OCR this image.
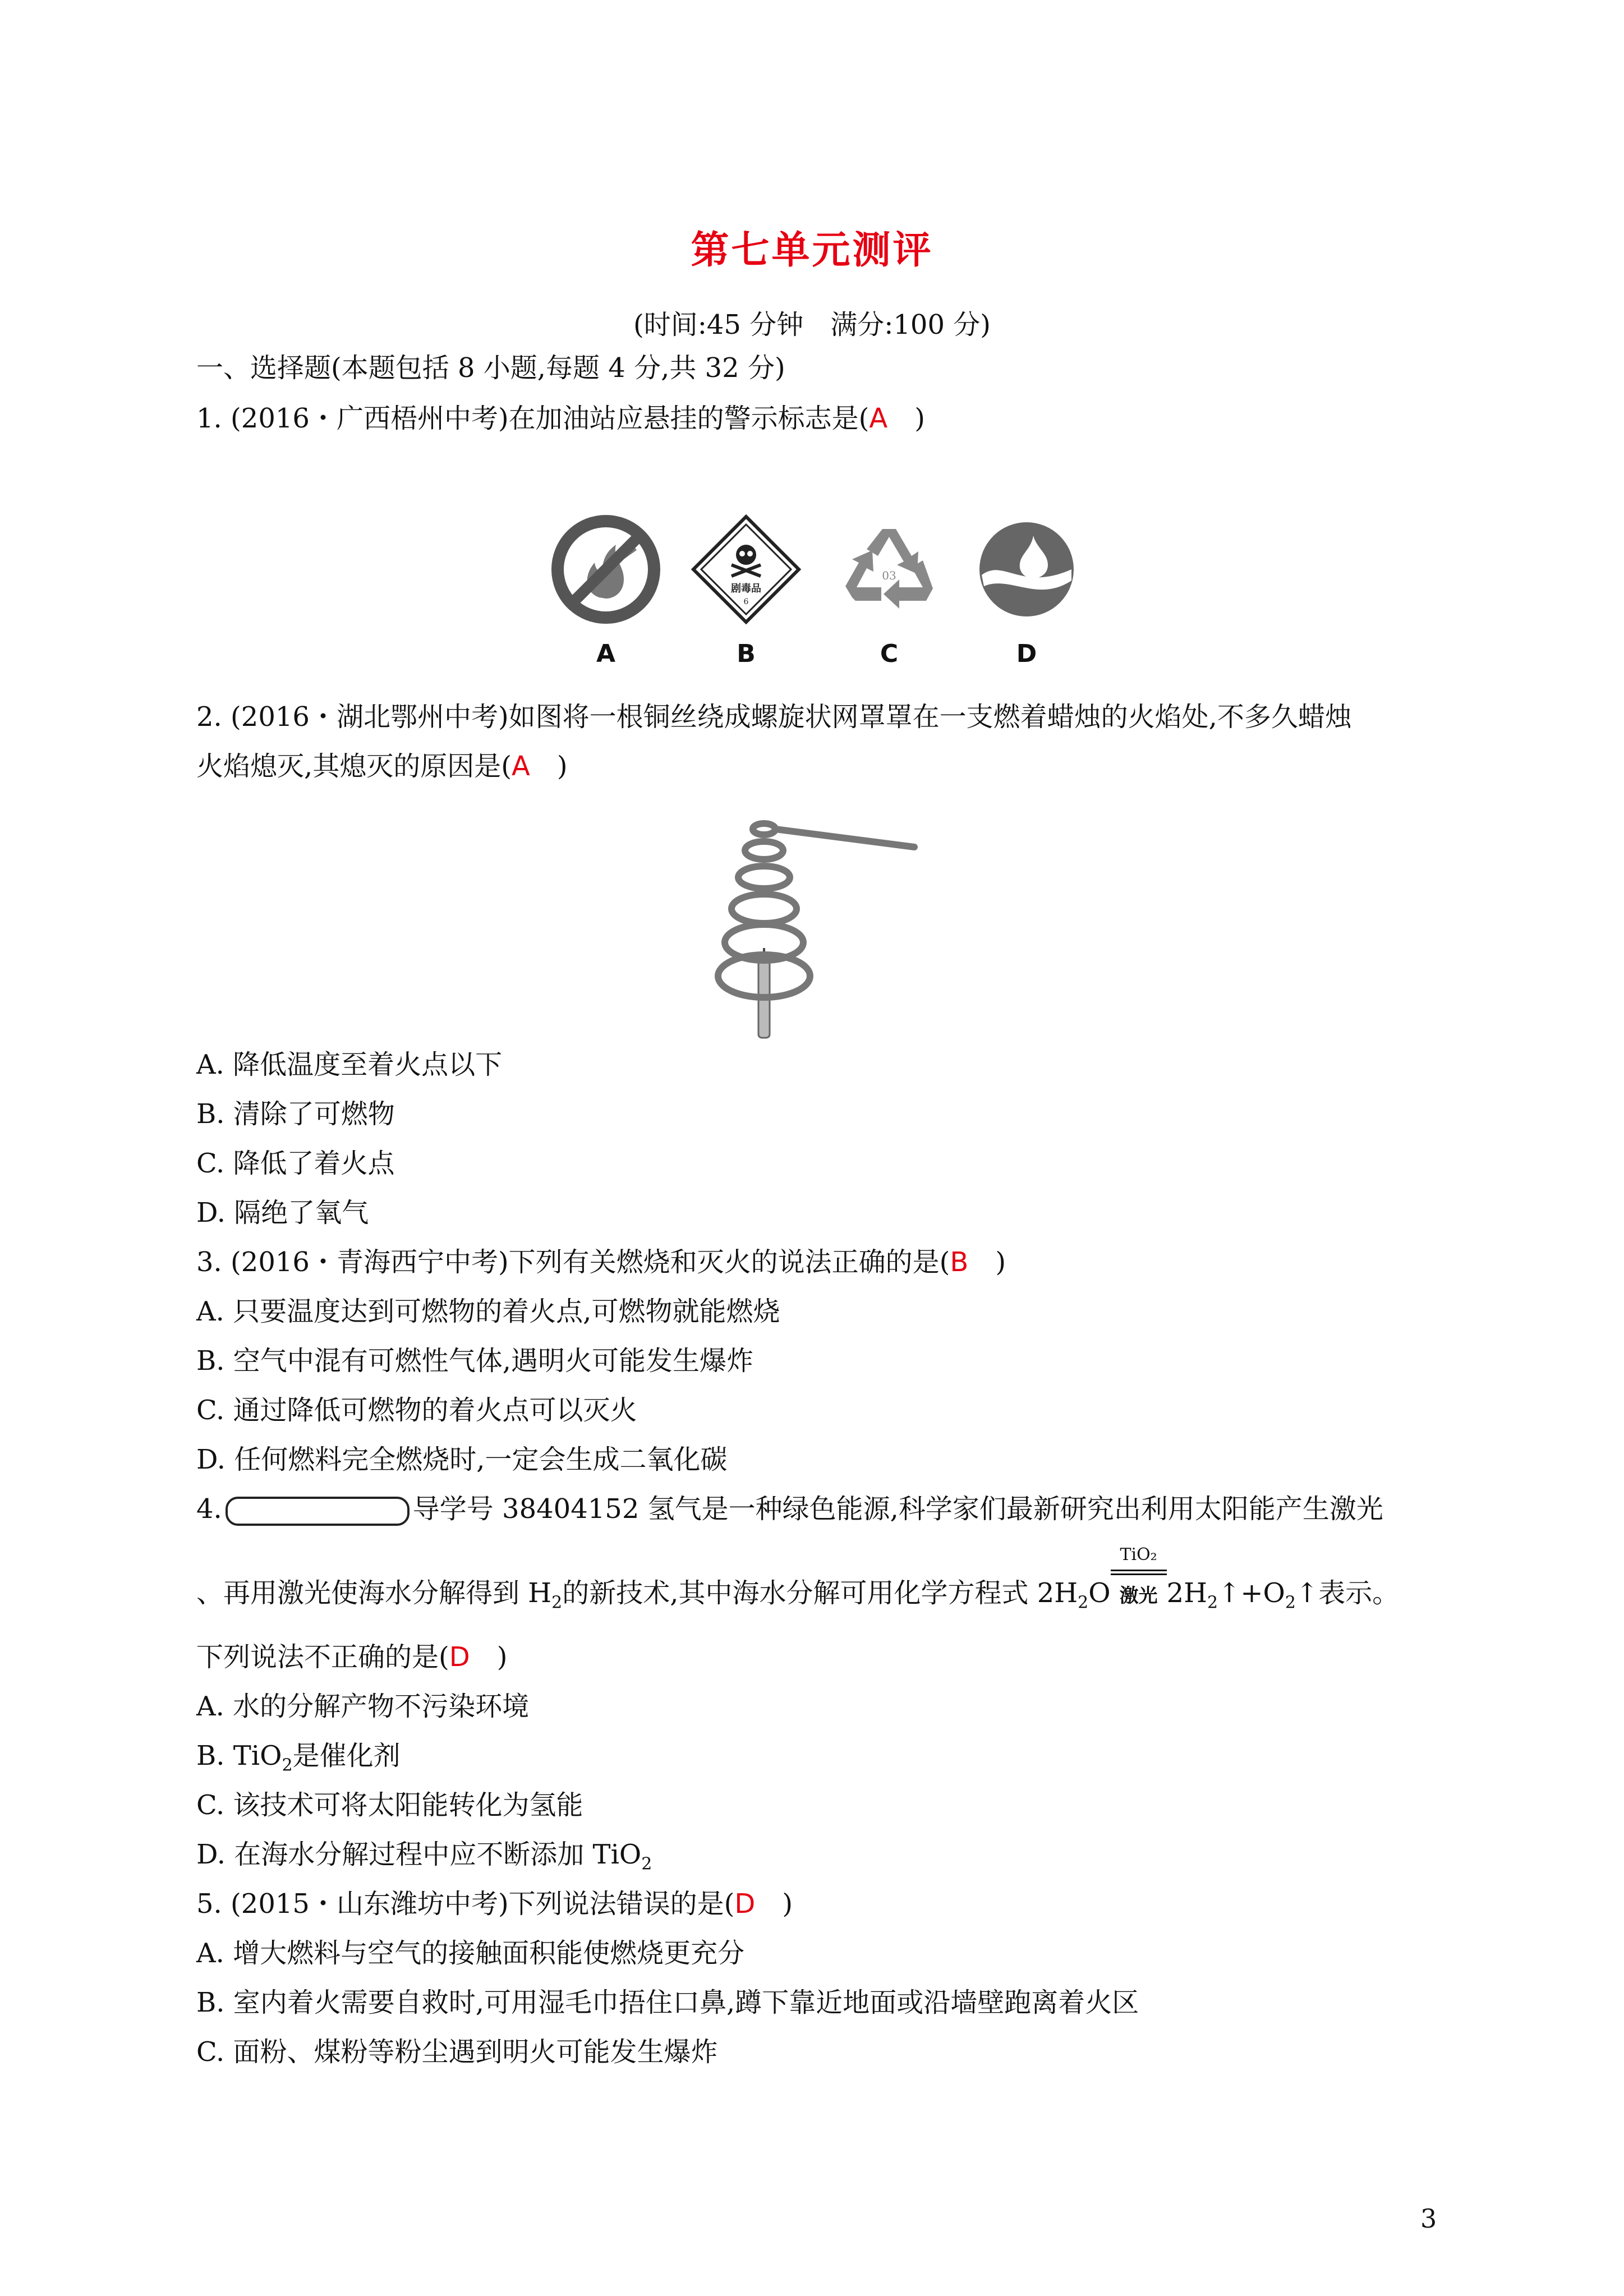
第七单元测评
(时间:45 分钟　满分:100 分)
一、选择题(本题包括 8 小题,每题 4 分,共 32 分)
1. (2016・广西梧州中考)在加油站应悬挂的警示标志是(A　)
剧毒品
6
03
A	B	C	D
2. (2016・湖北鄂州中考)如图将一根铜丝绕成螺旋状网罩罩在一支燃着蜡烛的火焰处,不多久蜡烛
火焰熄灭,其熄灭的原因是(A　)
A. 降低温度至着火点以下
B. 清除了可燃物
C. 降低了着火点
D. 隔绝了氧气
3. (2016・青海西宁中考)下列有关燃烧和灭火的说法正确的是(B　)
A. 只要温度达到可燃物的着火点,可燃物就能燃烧
B. 空气中混有可燃性气体,遇明火可能发生爆炸
C. 通过降低可燃物的着火点可以灭火
D. 任何燃料完全燃烧时,一定会生成二氧化碳
4.	导学号 38404152 氢气是一种绿色能源,科学家们最新研究出利用太阳能产生激光
、再用激光使海水分解得到 $H_2$的新技术,其中海水分解可用化学方程式 $2H_2O$
TiO₂
激光 $2H_2↑+O_2↑$表示。
下列说法不正确的是(D　)
A. 水的分解产物不污染环境
B. TiO$_2$是催化剂
C. 该技术可将太阳能转化为氢能
D. 在海水分解过程中应不断添加 TiO$_2$
5. (2015・山东潍坊中考)下列说法错误的是(D　)
A. 增大燃料与空气的接触面积能使燃烧更充分
B. 室内着火需要自救时,可用湿毛巾捂住口鼻,蹲下靠近地面或沿墙壁跑离着火区
C. 面粉、煤粉等粉尘遇到明火可能发生爆炸
3
